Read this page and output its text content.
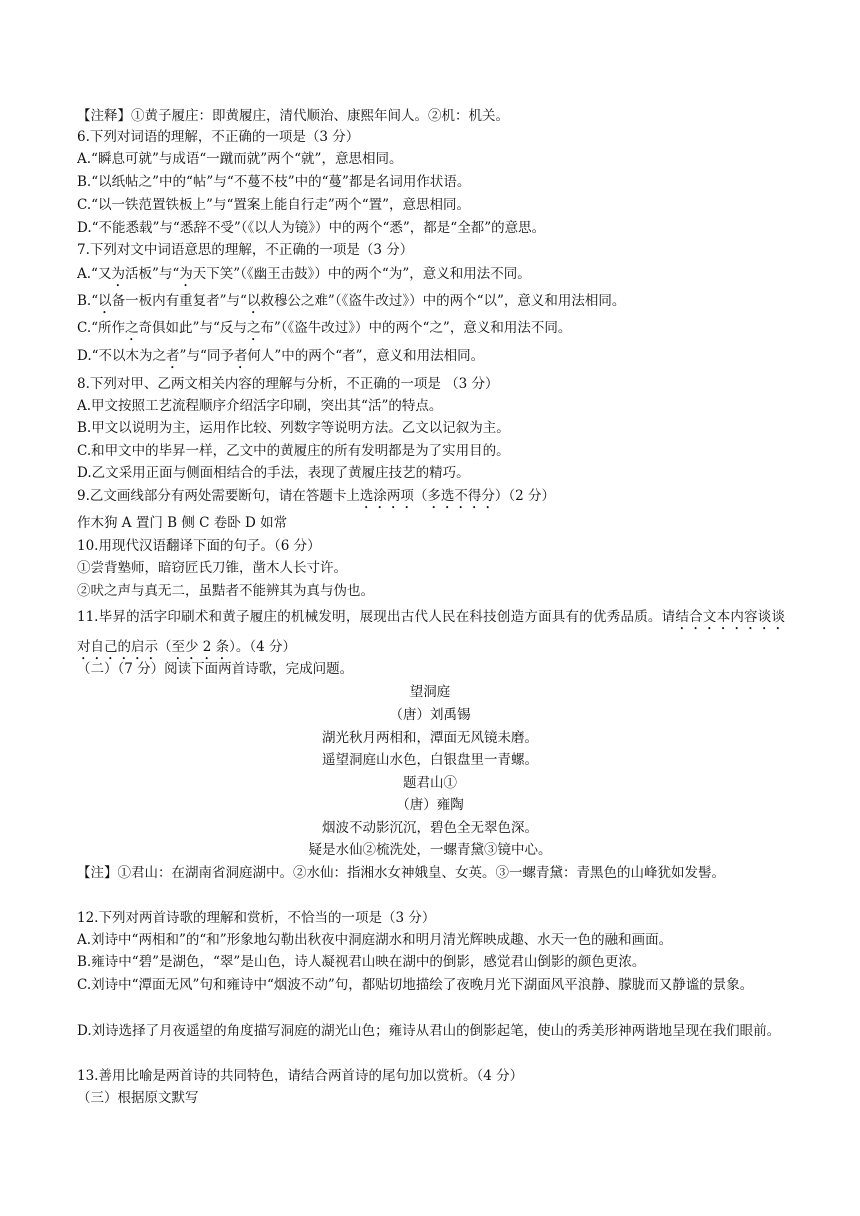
【注释】①黄子履庄：即黄履庄，清代顺治、康熙年间人。②机：机关。
6.下列对词语的理解，不正确的一项是（3 分）
A.“瞬息可就”与成语“一蹴而就”两个“就”，意思相同。
B.“以纸帖之”中的“帖”与“不蔓不枝”中的“蔓”都是名词用作状语。
C.“以一铁范置铁板上”与“置案上能自行走”两个“置”，意思相同。
D.“不能悉载”与“悉辞不受”（《以人为镜》）中的两个“悉”，都是“全都”的意思。
7.下列对文中词语意思的理解，不正确的一项是（3 分）
A.“又为活板”与“为天下笑”（《幽王击鼓》）中的两个“为”，意义和用法不同。
B.“以备一板内有重复者”与“以救穆公之难”（《盗牛改过》）中的两个“以”，意义和用法相同。
C.“所作之奇俱如此”与“反与之布”（《盗牛改过》）中的两个“之”，意义和用法不同。
D.“不以木为之者”与“同予者何人”中的两个“者”，意义和用法相同。
8.下列对甲、乙两文相关内容的理解与分析，不正确的一项是 （3 分）
A.甲文按照工艺流程顺序介绍活字印刷，突出其“活”的特点。
B.甲文以说明为主，运用作比较、列数字等说明方法。乙文以记叙为主。
C.和甲文中的毕昇一样，乙文中的黄履庄的所有发明都是为了实用目的。
D.乙文采用正面与侧面相结合的手法，表现了黄履庄技艺的精巧。
9.乙文画线部分有两处需要断句，请在答题卡上选涂两项（多选不得分）（2 分）
作木狗 A 置门 B 侧 C 卷卧 D 如常
10.用现代汉语翻译下面的句子。（6 分）
①尝背塾师，暗窃匠氏刀锥，凿木人长寸许。
②吠之声与真无二，虽黠者不能辨其为真与伪也。
11.毕昇的活字印刷术和黄子履庄的机械发明，展现出古代人民在科技创造方面具有的优秀品质。请结合文本内容谈谈对自己的启示（至少 2 条）。（4 分）
（二）（7 分）阅读下面两首诗歌，完成问题。
望洞庭
（唐）刘禹锡
湖光秋月两相和，潭面无风镜未磨。
遥望洞庭山水色，白银盘里一青螺。
题君山①
（唐）雍陶
烟波不动影沉沉，碧色全无翠色深。
疑是水仙②梳洗处，一螺青黛③镜中心。
【注】①君山：在湖南省洞庭湖中。②水仙：指湘水女神娥皇、女英。③一螺青黛：青黑色的山峰犹如发髻。
12.下列对两首诗歌的理解和赏析，不恰当的一项是（3 分）
A.刘诗中“两相和”的“和”形象地勾勒出秋夜中洞庭湖水和明月清光辉映成趣、水天一色的融和画面。
B.雍诗中“碧”是湖色，“翠”是山色，诗人凝视君山映在湖中的倒影，感觉君山倒影的颜色更浓。
C.刘诗中“潭面无风”句和雍诗中“烟波不动”句，都贴切地描绘了夜晚月光下湖面风平浪静、朦胧而又静谧的景象。
D.刘诗选择了月夜遥望的角度描写洞庭的湖光山色；雍诗从君山的倒影起笔，使山的秀美形神两谐地呈现在我们眼前。
13.善用比喻是两首诗的共同特色，请结合两首诗的尾句加以赏析。（4 分）
（三）根据原文默写
